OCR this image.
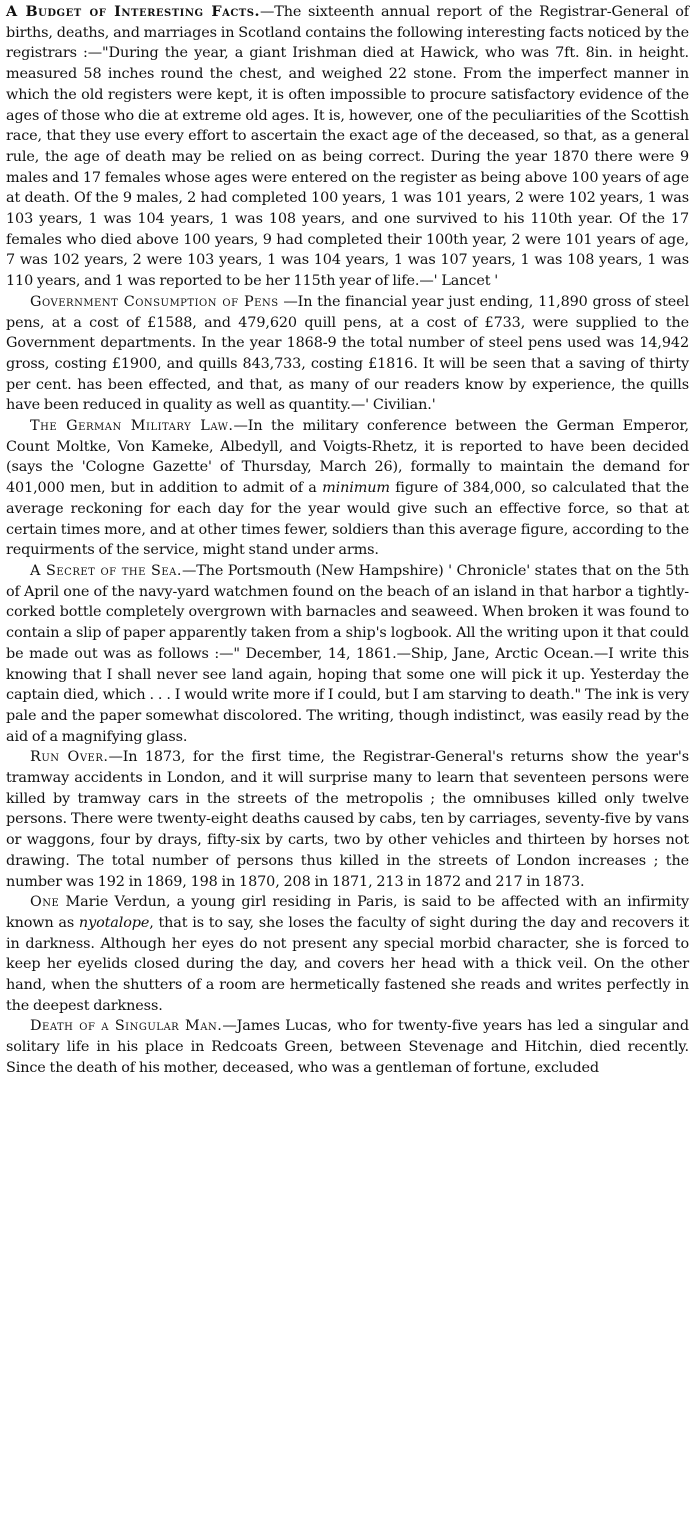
A Budget of Interesting Facts.—The sixteenth annual report of the Registrar-General of births, deaths, and marriages in Scotland contains the following interesting facts noticed by the registrars :—"During the year, a giant Irishman died at Hawick, who was 7ft. 8in. in height. measured 58 inches round the chest, and weighed 22 stone. From the imperfect manner in which the old registers were kept, it is often impossible to procure satisfactory evidence of the ages of those who die at extreme old ages. It is, however, one of the peculiarities of the Scottish race, that they use every effort to ascertain the exact age of the deceased, so that, as a general rule, the age of death may be relied on as being correct. During the year 1870 there were 9 males and 17 females whose ages were entered on the register as being above 100 years of age at death. Of the 9 males, 2 had completed 100 years, 1 was 101 years, 2 were 102 years, 1 was 103 years, 1 was 104 years, 1 was 108 years, and one survived to his 110th year. Of the 17 females who died above 100 years, 9 had completed their 100th year, 2 were 101 years of age, 7 was 102 years, 2 were 103 years, 1 was 104 years, 1 was 107 years, 1 was 108 years, 1 was 110 years, and 1 was reported to be her 115th year of life.—' Lancet '

Government Consumption of Pens —In the financial year just ending, 11,890 gross of steel pens, at a cost of £1588, and 479,620 quill pens, at a cost of £733, were supplied to the Government departments. In the year 1868-9 the total number of steel pens used was 14,942 gross, costing £1900, and quills 843,733, costing £1816. It will be seen that a saving of thirty per cent. has been effected, and that, as many of our readers know by experience, the quills have been reduced in quality as well as quantity.—' Civilian.'

The German Military Law.—In the military conference between the German Emperor, Count Moltke, Von Kameke, Albedyll, and Voigts-Rhetz, it is reported to have been decided (says the 'Cologne Gazette' of Thursday, March 26), formally to maintain the demand for 401,000 men, but in addition to admit of a minimum figure of 384,000, so calculated that the average reckoning for each day for the year would give such an effective force, so that at certain times more, and at other times fewer, soldiers than this average figure, according to the requirments of the service, might stand under arms.

A Secret of the Sea.—The Portsmouth (New Hampshire) ' Chronicle' states that on the 5th of April one of the navy-yard watchmen found on the beach of an island in that harbor a tightly-corked bottle completely overgrown with barnacles and seaweed. When broken it was found to contain a slip of paper apparently taken from a ship's logbook. All the writing upon it that could be made out was as follows :—" December, 14, 1861.—Ship, Jane, Arctic Ocean.—I write this knowing that I shall never see land again, hoping that some one will pick it up. Yesterday the captain died, which . . . I would write more if I could, but I am starving to death." The ink is very pale and the paper somewhat discolored. The writing, though indistinct, was easily read by the aid of a magnifying glass.

Run Over.—In 1873, for the first time, the Registrar-General's returns show the year's tramway accidents in London, and it will surprise many to learn that seventeen persons were killed by tramway cars in the streets of the metropolis ; the omnibuses killed only twelve persons. There were twenty-eight deaths caused by cabs, ten by carriages, seventy-five by vans or waggons, four by drays, fifty-six by carts, two by other vehicles and thirteen by horses not drawing. The total number of persons thus killed in the streets of London increases ; the number was 192 in 1869, 198 in 1870, 208 in 1871, 213 in 1872 and 217 in 1873.

One Marie Verdun, a young girl residing in Paris, is said to be affected with an infirmity known as nyotalope, that is to say, she loses the faculty of sight during the day and recovers it in darkness. Although her eyes do not present any special morbid character, she is forced to keep her eyelids closed during the day, and covers her head with a thick veil. On the other hand, when the shutters of a room are hermetically fastened she reads and writes perfectly in the deepest darkness.

Death of a Singular Man.—James Lucas, who for twenty-five years has led a singular and solitary life in his place in Redcoats Green, between Stevenage and Hitchin, died recently. Since the death of his mother, deceased, who was a gentleman of fortune, excluded
